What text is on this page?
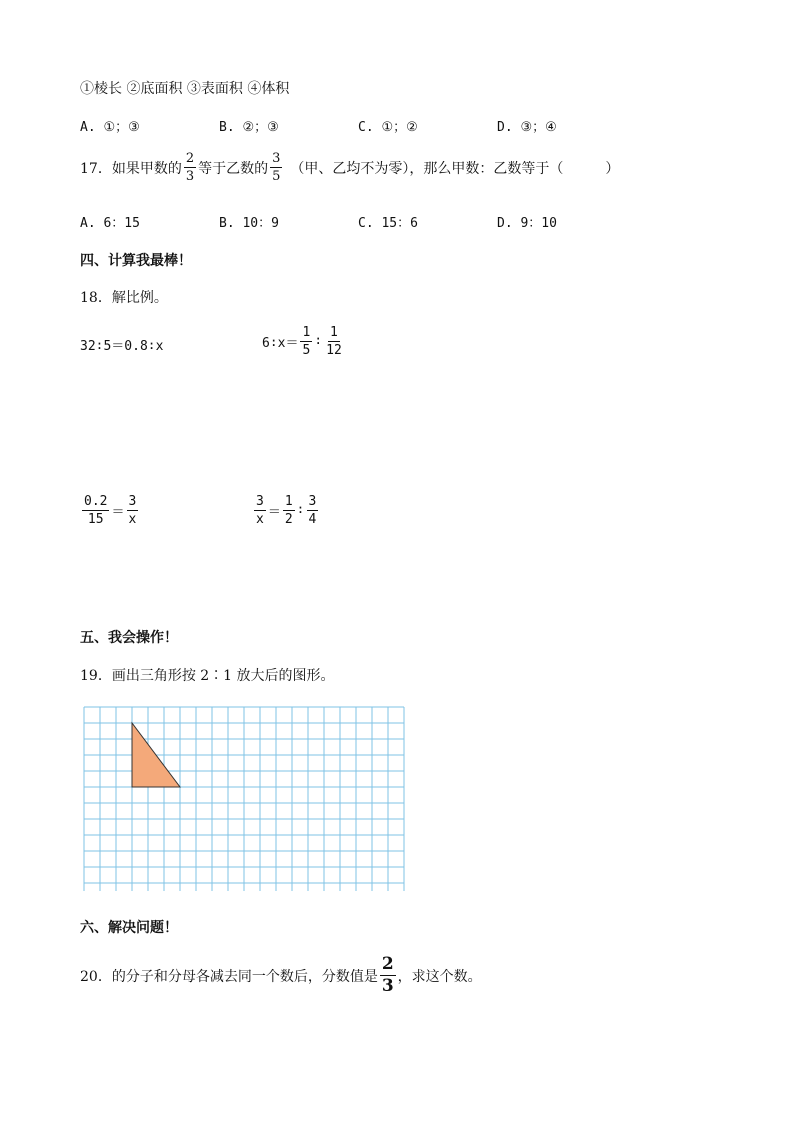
①棱长 ②底面积 ③表面积 ④体积
A. ①；③	B. ②；③	C. ①；②	D. ③；④
17． 如果甲数的 $\frac{2}{3}$ 等于乙数的 $\frac{3}{5}$ （甲、乙均不为零），那么甲数：乙数等于（　　　）
A. 6：15	B. 10：9	C. 15：6	D. 9：10
四、计算我最棒！
18．解比例。
32∶5＝0.8∶x	6∶x＝ $\frac{1}{5}$ ∶ $\frac{1}{12}$
$\frac{0.2}{15} = \frac{3}{x}$	$\frac{3}{x} = \frac{1}{2}$ ∶ $\frac{3}{4}$
五、我会操作！
19．画出三角形按 2∶1 放大后的图形。
六、解决问题！
20．的分子和分母各减去同一个数后，分数值是 $\frac{2}{3}$ ，求这个数。
